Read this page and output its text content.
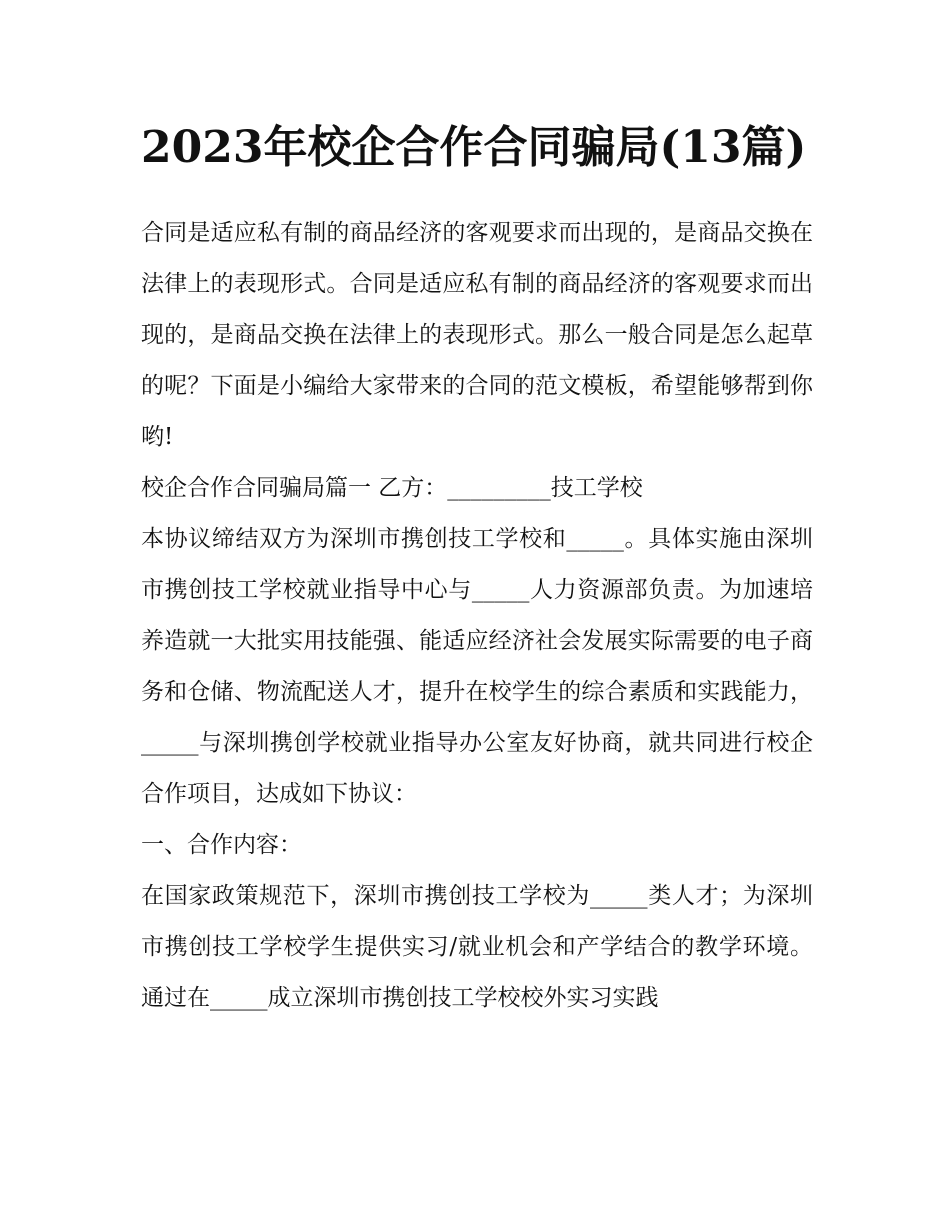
2023年校企合作合同骗局(13篇)

合同是适应私有制的商品经济的客观要求而出现的，是商品交换在法律上的表现形式。合同是适应私有制的商品经济的客观要求而出现的，是商品交换在法律上的表现形式。那么一般合同是怎么起草的呢？下面是小编给大家带来的合同的范文模板，希望能够帮到你哟!

校企合作合同骗局篇一 乙方：_________技工学校

本协议缔结双方为深圳市携创技工学校和_____。具体实施由深圳市携创技工学校就业指导中心与_____人力资源部负责。为加速培养造就一大批实用技能强、能适应经济社会发展实际需要的电子商务和仓储、物流配送人才，提升在校学生的综合素质和实践能力，_____与深圳携创学校就业指导办公室友好协商，就共同进行校企合作项目，达成如下协议：

一、合作内容：

在国家政策规范下，深圳市携创技工学校为_____类人才；为深圳市携创技工学校学生提供实习/就业机会和产学结合的教学环境。通过在_____成立深圳市携创技工学校校外实习实践
